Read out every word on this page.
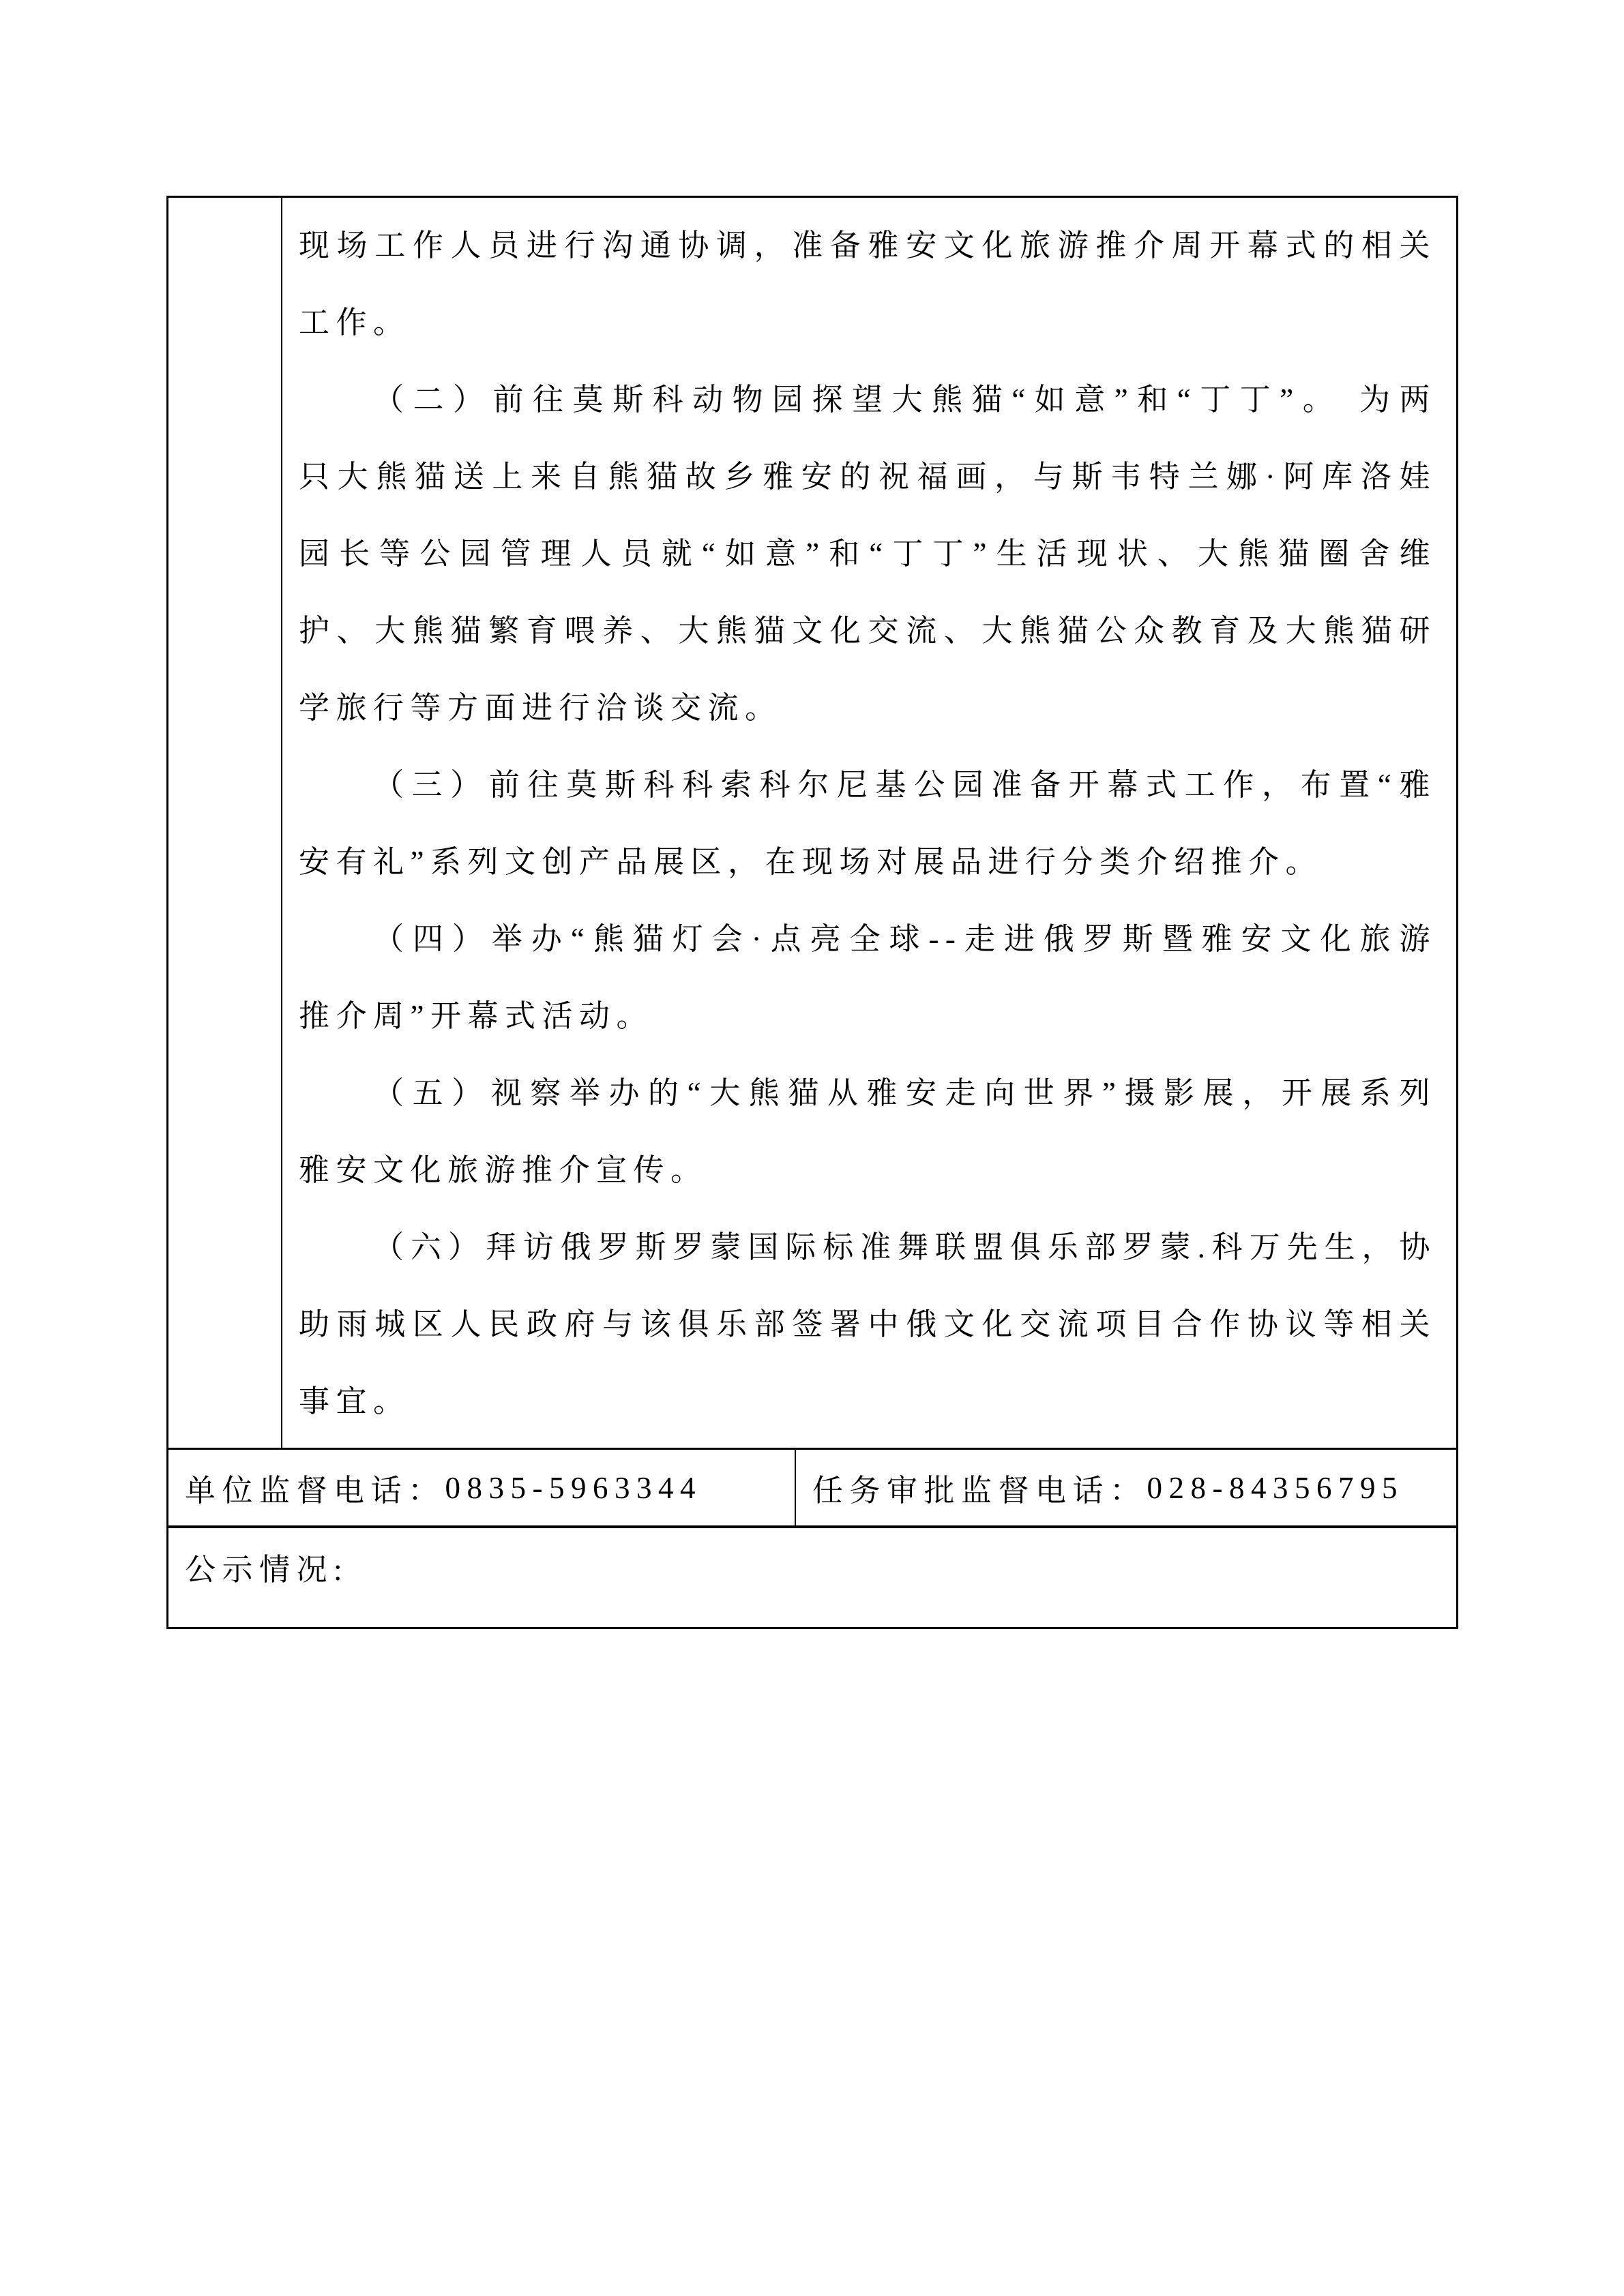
现场工作人员进行沟通协调，准备雅安文化旅游推介周开幕式的相关
工作。
（二）前往莫斯科动物园探望大熊猫“如意”和“丁丁”。 为两
只大熊猫送上来自熊猫故乡雅安的祝福画，与斯韦特兰娜·阿库洛娃
园长等公园管理人员就“如意”和“丁丁”生活现状、大熊猫圈舍维
护、大熊猫繁育喂养、大熊猫文化交流、大熊猫公众教育及大熊猫研
学旅行等方面进行洽谈交流。
（三）前往莫斯科科索科尔尼基公园准备开幕式工作，布置“雅
安有礼”系列文创产品展区，在现场对展品进行分类介绍推介。
（四）举办“熊猫灯会·点亮全球--走进俄罗斯暨雅安文化旅游
推介周”开幕式活动。
（五）视察举办的“大熊猫从雅安走向世界”摄影展，开展系列
雅安文化旅游推介宣传。
（六）拜访俄罗斯罗蒙国际标准舞联盟俱乐部罗蒙.科万先生，协
助雨城区人民政府与该俱乐部签署中俄文化交流项目合作协议等相关
事宜。
单位监督电话： 0835-5963344	任务审批监督电话： 028-84356795
公示情况:
